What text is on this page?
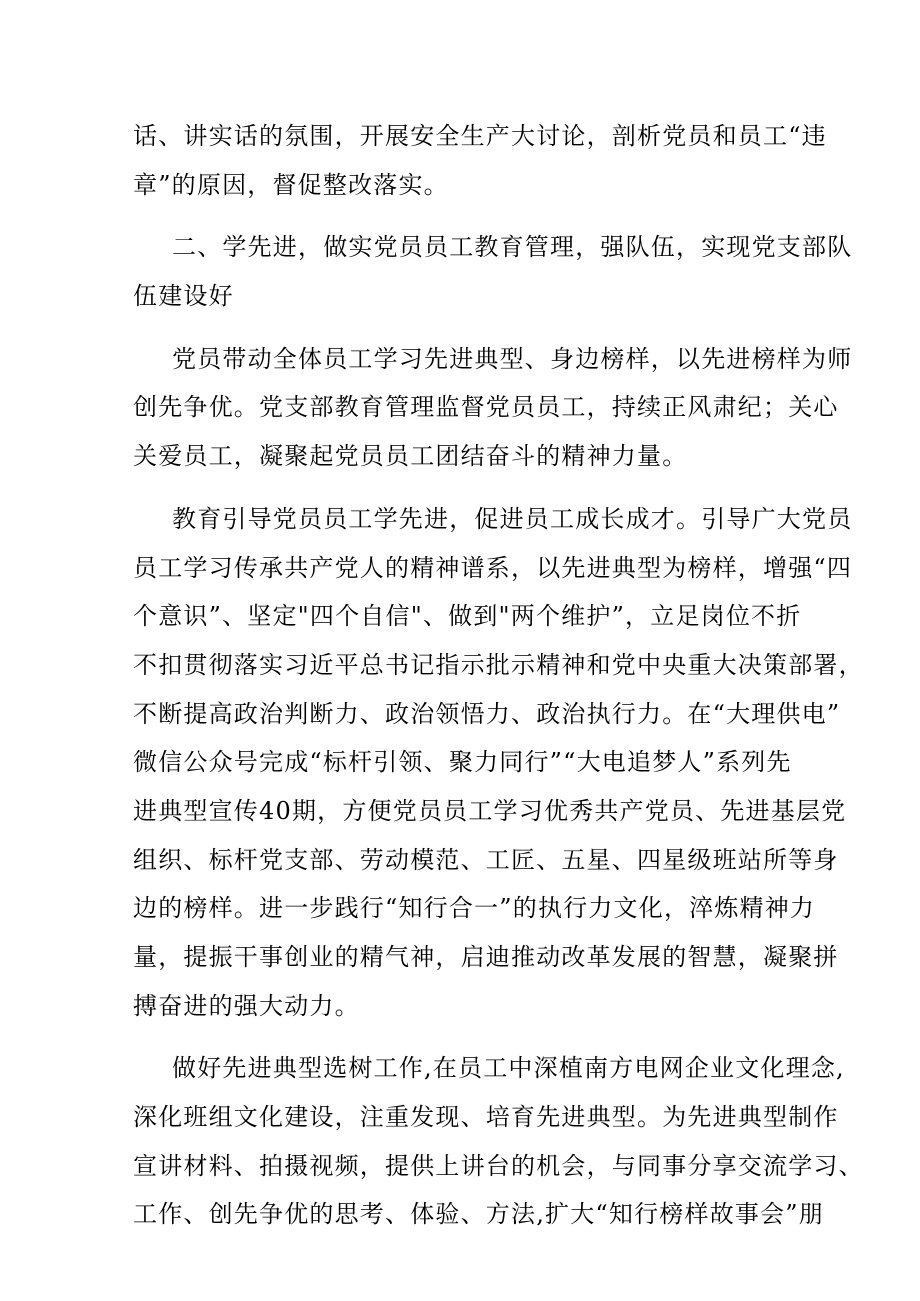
话、讲实话的氛围，开展安全生产大讨论，剖析党员和员工“违
章”的原因，督促整改落实。
二、学先进，做实党员员工教育管理，强队伍，实现党支部队
伍建设好
党员带动全体员工学习先进典型、身边榜样，以先进榜样为师
创先争优。党支部教育管理监督党员员工，持续正风肃纪；关心
关爱员工，凝聚起党员员工团结奋斗的精神力量。
教育引导党员员工学先进，促进员工成长成才。引导广大党员
员工学习传承共产党人的精神谱系，以先进典型为榜样，增强“四
个意识”、坚定"四个自信"、做到"两个维护”，立足岗位不折
不扣贯彻落实习近平总书记指示批示精神和党中央重大决策部署，
不断提高政治判断力、政治领悟力、政治执行力。在“大理供电”
微信公众号完成“标杆引领、聚力同行”“大电追梦人”系列先
进典型宣传40期，方便党员员工学习优秀共产党员、先进基层党
组织、标杆党支部、劳动模范、工匠、五星、四星级班站所等身
边的榜样。进一步践行“知行合一”的执行力文化，淬炼精神力
量，提振干事创业的精气神，启迪推动改革发展的智慧，凝聚拼
搏奋进的强大动力。
做好先进典型选树工作,在员工中深植南方电网企业文化理念,
深化班组文化建设，注重发现、培育先进典型。为先进典型制作
宣讲材料、拍摄视频，提供上讲台的机会，与同事分享交流学习、
工作、创先争优的思考、体验、方法,扩大“知行榜样故事会”朋
